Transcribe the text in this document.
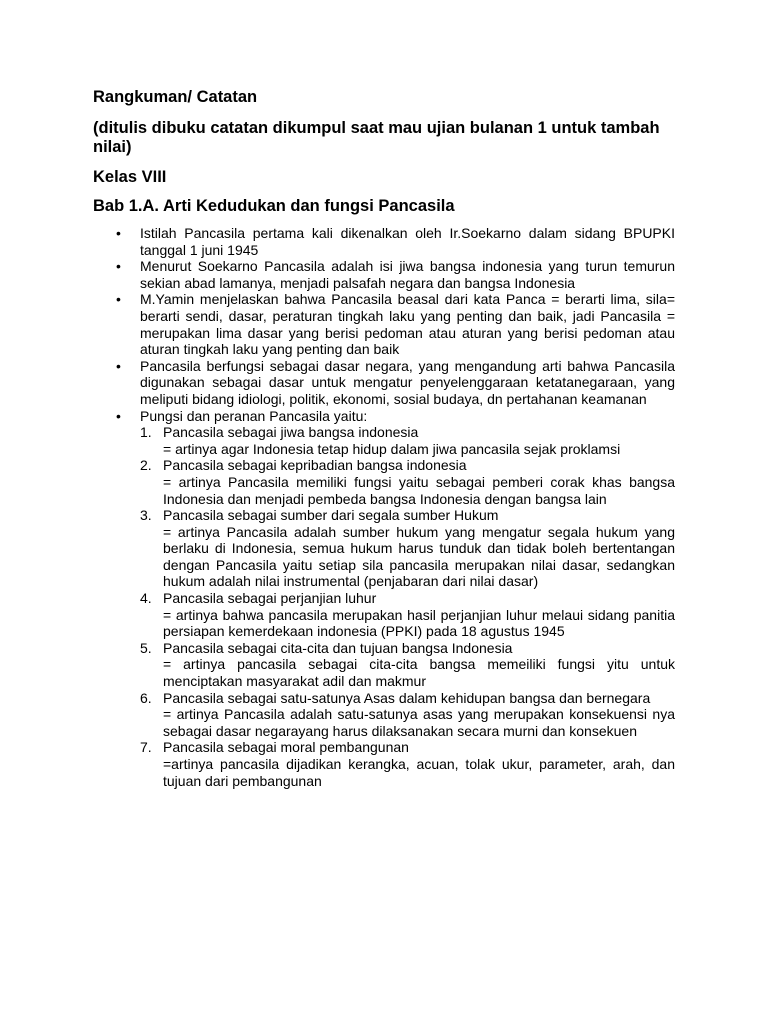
Rangkuman/ Catatan
(ditulis dibuku catatan dikumpul saat mau ujian bulanan 1 untuk tambah nilai)
Kelas VIII
Bab 1.A. Arti Kedudukan dan fungsi Pancasila
• Istilah Pancasila pertama kali dikenalkan oleh Ir.Soekarno dalam sidang BPUPKI tanggal 1 juni 1945
• Menurut Soekarno Pancasila adalah isi jiwa bangsa indonesia yang turun temurun sekian abad lamanya, menjadi palsafah negara dan bangsa Indonesia
• M.Yamin menjelaskan bahwa Pancasila beasal dari kata Panca = berarti lima, sila= berarti sendi, dasar, peraturan tingkah laku yang penting dan baik, jadi Pancasila = merupakan lima dasar yang berisi pedoman atau aturan yang berisi pedoman atau aturan tingkah laku yang penting dan baik
• Pancasila berfungsi sebagai dasar negara, yang mengandung arti bahwa Pancasila digunakan sebagai dasar untuk mengatur penyelenggaraan ketatanegaraan, yang meliputi bidang idiologi, politik, ekonomi, sosial budaya, dn pertahanan keamanan
• Pungsi dan peranan Pancasila yaitu:
1. Pancasila sebagai jiwa bangsa indonesia
= artinya agar Indonesia tetap hidup dalam jiwa pancasila sejak proklamsi
2. Pancasila sebagai kepribadian bangsa indonesia
= artinya Pancasila memiliki fungsi yaitu sebagai pemberi corak khas bangsa Indonesia dan menjadi pembeda bangsa Indonesia dengan bangsa lain
3. Pancasila sebagai sumber dari segala sumber Hukum
= artinya Pancasila adalah sumber hukum yang mengatur segala hukum yang berlaku di Indonesia, semua hukum harus tunduk dan tidak boleh bertentangan dengan Pancasila yaitu setiap sila pancasila merupakan nilai dasar, sedangkan hukum adalah nilai instrumental (penjabaran dari nilai dasar)
4. Pancasila sebagai perjanjian luhur
= artinya bahwa pancasila merupakan hasil perjanjian luhur melaui sidang panitia persiapan kemerdekaan indonesia (PPKI) pada 18 agustus 1945
5. Pancasila sebagai cita-cita dan tujuan bangsa Indonesia
= artinya pancasila sebagai cita-cita bangsa memeiliki fungsi yitu untuk menciptakan masyarakat adil dan makmur
6. Pancasila sebagai satu-satunya Asas dalam kehidupan bangsa dan bernegara
= artinya Pancasila adalah satu-satunya asas yang merupakan konsekuensi nya sebagai dasar negarayang harus dilaksanakan secara murni dan konsekuen
7. Pancasila sebagai moral pembangunan
=artinya pancasila dijadikan kerangka, acuan, tolak ukur, parameter, arah, dan tujuan dari pembangunan
